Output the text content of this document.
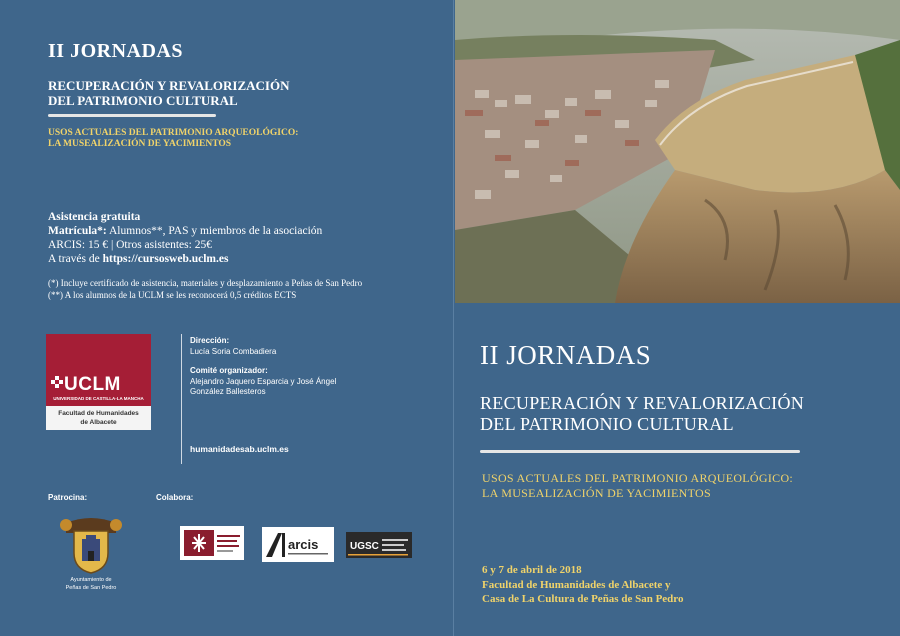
II JORNADAS
RECUPERACIÓN Y REVALORIZACIÓN
DEL PATRIMONIO CULTURAL
USOS ACTUALES DEL PATRIMONIO ARQUEOLÓGICO:
LA MUSEALIZACIÓN DE YACIMIENTOS
Asistencia gratuita
Matrícula*: Alumnos**, PAS y miembros de la asociación
ARCIS: 15 € | Otros asistentes: 25€
A través de https://cursosweb.uclm.es
(*) Incluye certificado de asistencia, materiales y desplazamiento a Peñas de San Pedro
(**) A los alumnos de la UCLM se les reconocerá 0,5 créditos ECTS
UCLM
UNIVERSIDAD DE CASTILLA-LA MANCHA
Facultad de Humanidades
de Albacete
Dirección:
Lucía Soria Combadiera
Comité organizador:
Alejandro Jaquero Esparcia y José Ángel
González Ballesteros
humanidadesab.uclm.es
Patrocina:	Colabora:
Ayuntamiento de
Peñas de San Pedro
arcis	UGSC
II JORNADAS
RECUPERACIÓN Y REVALORIZACIÓN
DEL PATRIMONIO CULTURAL
USOS ACTUALES DEL PATRIMONIO ARQUEOLÓGICO:
LA MUSEALIZACIÓN DE YACIMIENTOS
6 y 7 de abril de 2018
Facultad de Humanidades de Albacete y
Casa de La Cultura de Peñas de San Pedro
